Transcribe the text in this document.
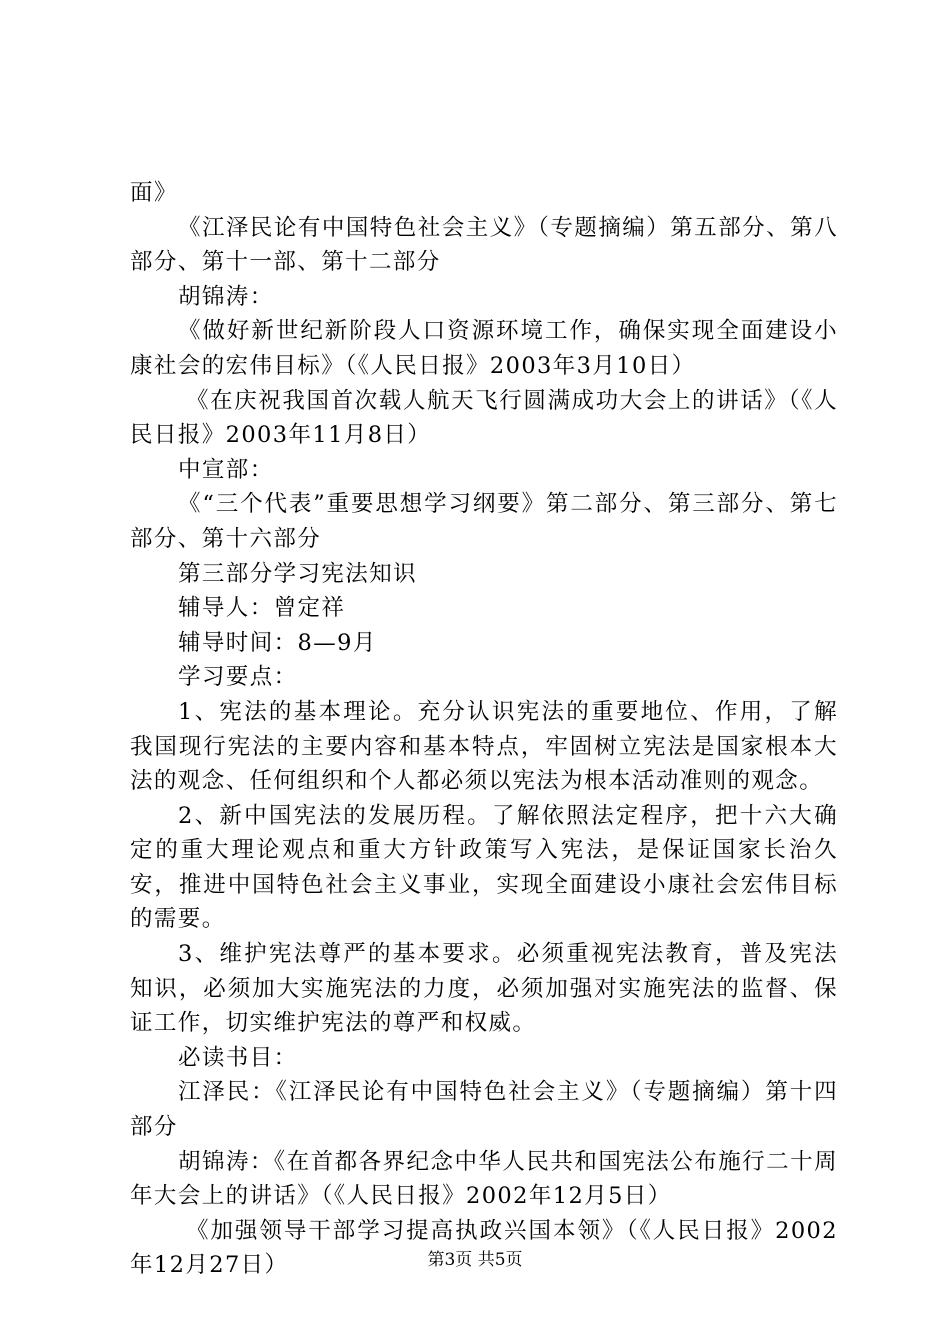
面》

《江泽民论有中国特色社会主义》（专题摘编）第五部分、第八部分、第十一部、第十二部分

胡锦涛：

《做好新世纪新阶段人口资源环境工作，确保实现全面建设小康社会的宏伟目标》（《人民日报》2003年3月10日）

《在庆祝我国首次载人航天飞行圆满成功大会上的讲话》（《人民日报》2003年11月8日）

中宣部：

《“三个代表”重要思想学习纲要》第二部分、第三部分、第七部分、第十六部分

第三部分学习宪法知识

辅导人：曾定祥

辅导时间：8—9月

学习要点：

1、宪法的基本理论。充分认识宪法的重要地位、作用，了解我国现行宪法的主要内容和基本特点，牢固树立宪法是国家根本大法的观念、任何组织和个人都必须以宪法为根本活动准则的观念。

2、新中国宪法的发展历程。了解依照法定程序，把十六大确定的重大理论观点和重大方针政策写入宪法，是保证国家长治久安，推进中国特色社会主义事业，实现全面建设小康社会宏伟目标的需要。

3、维护宪法尊严的基本要求。必须重视宪法教育，普及宪法知识，必须加大实施宪法的力度，必须加强对实施宪法的监督、保证工作，切实维护宪法的尊严和权威。

必读书目：

江泽民：《江泽民论有中国特色社会主义》（专题摘编）第十四部分

胡锦涛：《在首都各界纪念中华人民共和国宪法公布施行二十周年大会上的讲话》（《人民日报》2002年12月5日）

《加强领导干部学习提高执政兴国本领》（《人民日报》2002年12月27日）	第3页 共5页
